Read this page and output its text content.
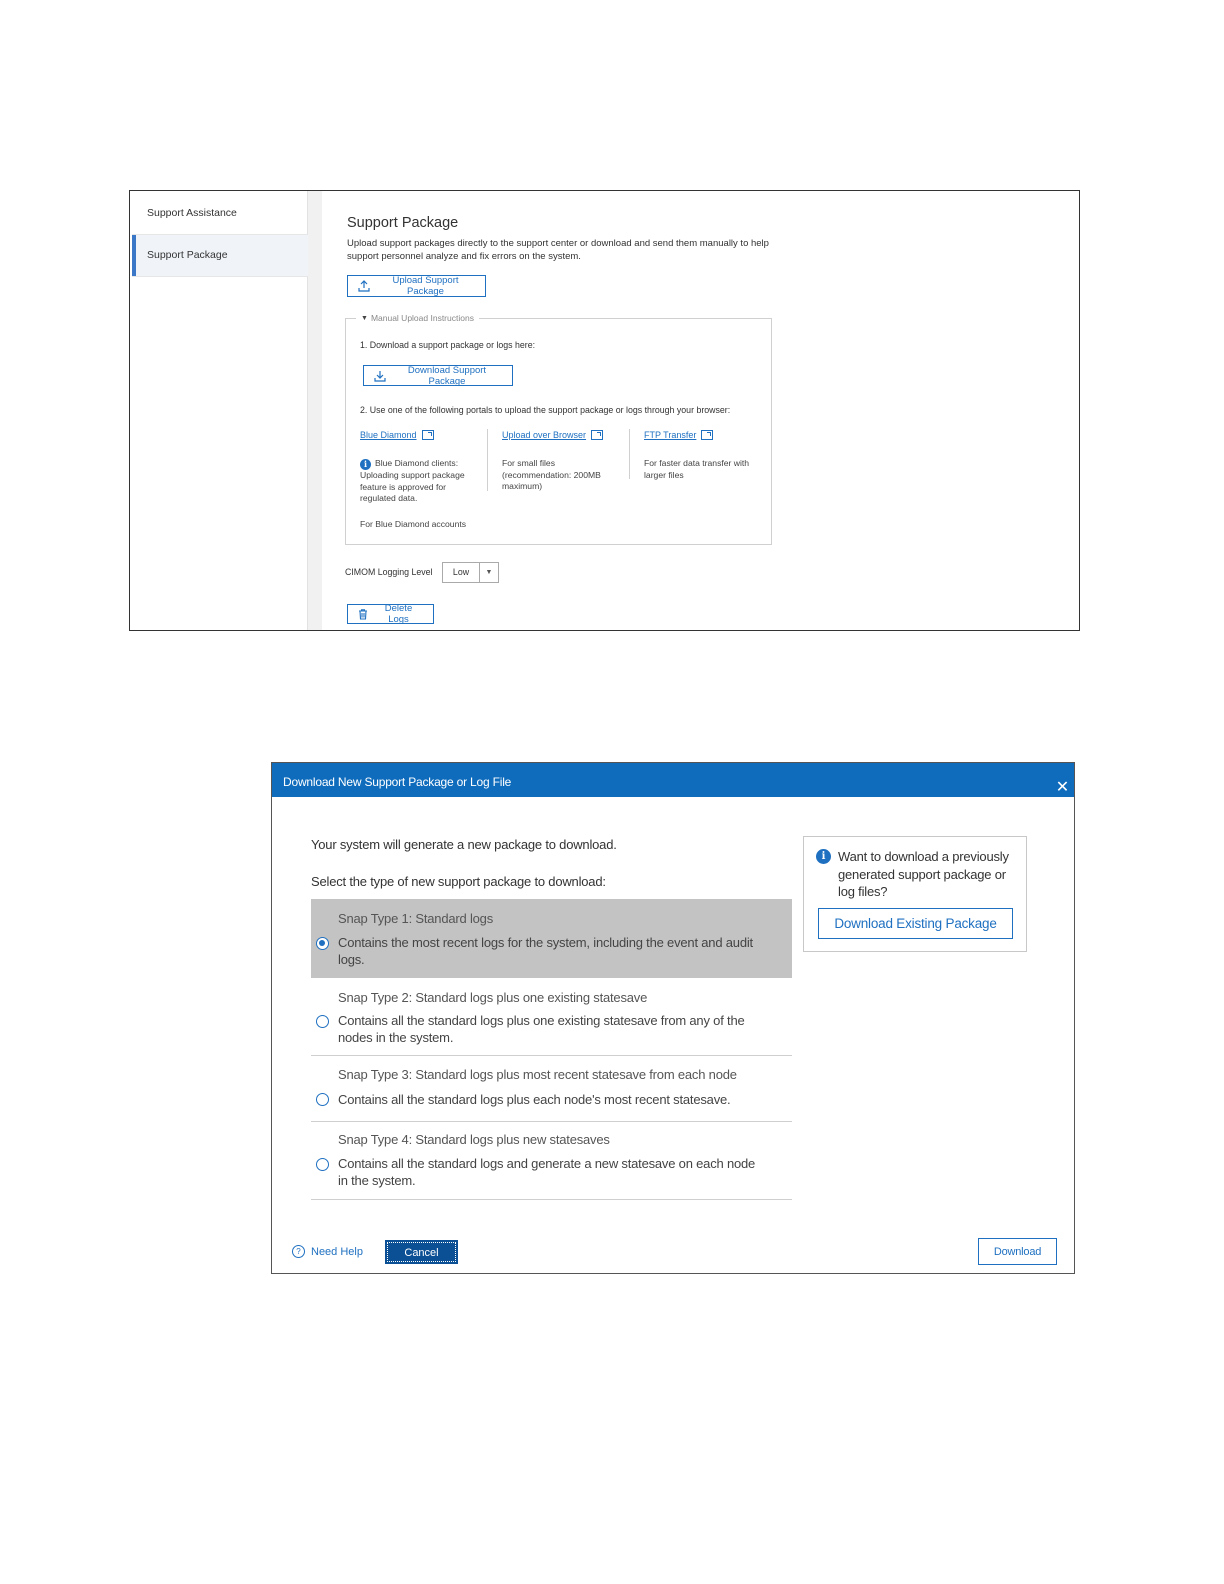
Support Assistance
Support Package
Support Package
Upload support packages directly to the support center or download and send them manually to help support personnel analyze and fix errors on the system.
Upload Support Package
▼ Manual Upload Instructions
1. Download a support package or logs here:
Download Support Package
2. Use one of the following portals to upload the support package or logs through your browser:
Blue Diamond
i Blue Diamond clients: Uploading support package feature is approved for regulated data.
For Blue Diamond accounts
Upload over Browser
For small files (recommendation: 200MB maximum)
FTP Transfer
For faster data transfer with larger files
CIMOM Logging Level	Low	▼
Delete Logs
Download New Support Package or Log File	✕
Your system will generate a new package to download.
Select the type of new support package to download:
Snap Type 1: Standard logs
Contains the most recent logs for the system, including the event and audit logs.
Snap Type 2: Standard logs plus one existing statesave
Contains all the standard logs plus one existing statesave from any of the nodes in the system.
Snap Type 3: Standard logs plus most recent statesave from each node
Contains all the standard logs plus each node's most recent statesave.
Snap Type 4: Standard logs plus new statesaves
Contains all the standard logs and generate a new statesave on each node in the system.
i Want to download a previously generated support package or log files?
Download Existing Package
? Need Help	Cancel	Download
